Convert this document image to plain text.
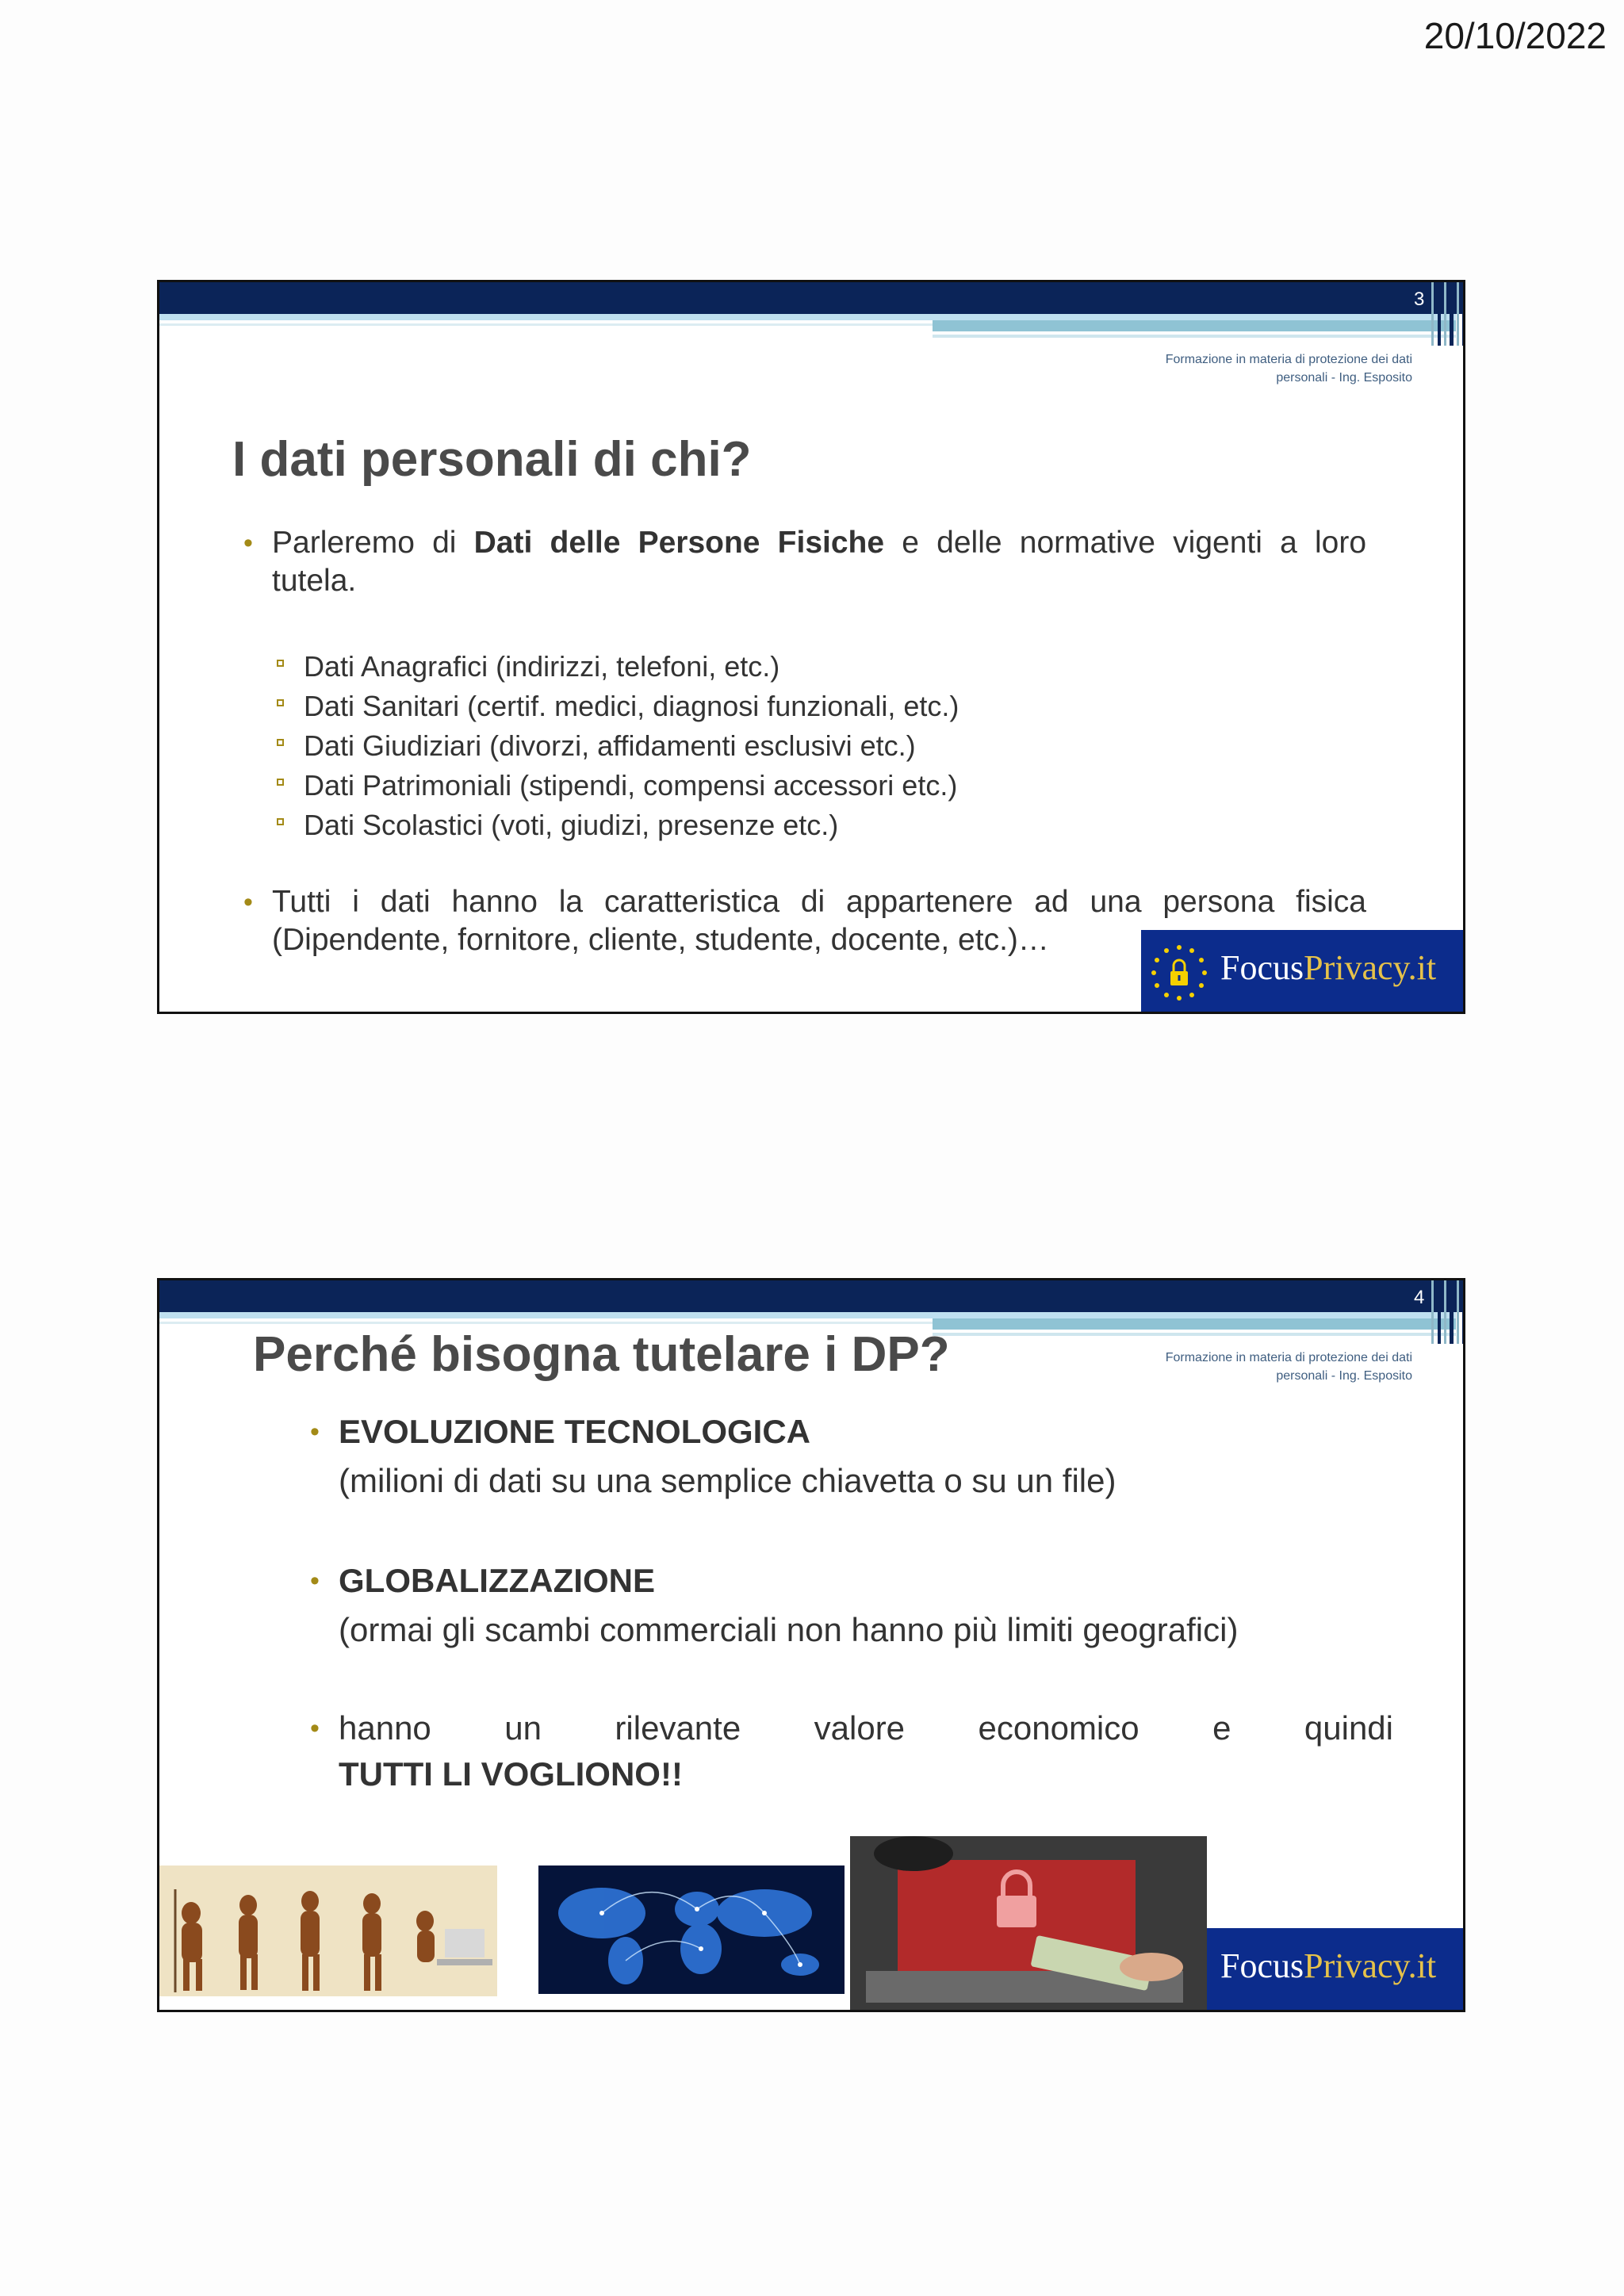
20/10/2022
3
Formazione in materia di protezione dei dati
personali - Ing. Esposito
I dati personali di chi?
• Parleremo di Dati delle Persone Fisiche e delle normative vigenti a loro
tutela.
Dati Anagrafici (indirizzi, telefoni, etc.)
Dati Sanitari (certif. medici, diagnosi funzionali, etc.)
Dati Giudiziari (divorzi, affidamenti esclusivi etc.)
Dati Patrimoniali (stipendi, compensi accessori etc.)
Dati Scolastici (voti, giudizi, presenze etc.)
• Tutti i dati hanno la caratteristica di appartenere ad una persona fisica
(Dipendente, fornitore, cliente, studente, docente, etc.)…
FocusPrivacy.it
4
Formazione in materia di protezione dei dati
personali - Ing. Esposito
Perché bisogna tutelare i DP?
• EVOLUZIONE TECNOLOGICA
(milioni di dati su una semplice chiavetta o su un file)
• GLOBALIZZAZIONE
(ormai gli scambi commerciali non hanno più limiti geografici)
• hanno un rilevante valore economico e quindi
TUTTI LI VOGLIONO!!
FocusPrivacy.it
